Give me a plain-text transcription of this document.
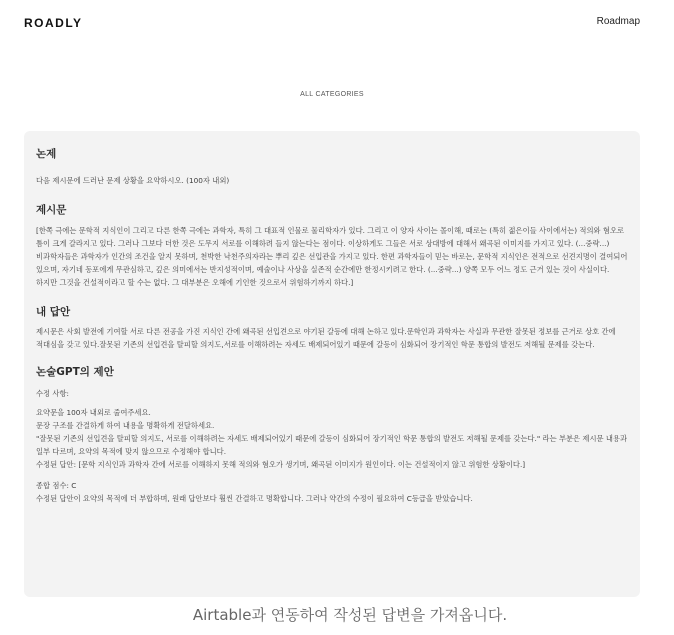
ROADLY	Roadmap
ALL CATEGORIES
논제
다음 제시문에 드러난 문제 상황을 요약하시오. (100자 내외)
제시문
[한쪽 극에는 문학적 지식인이 그리고 다른 한쪽 극에는 과학자, 특히 그 대표적 인물로 물리학자가 있다. 그리고 이 양자 사이는 몰이해, 때로는 (특히 젊은이들 사이에서는) 적의와 혐오로 틈이 크게 갈라지고 있다. 그러나 그보다 더한 것은 도무지 서로를 이해하려 들지 않는다는 점이다. 이상하게도 그들은 서로 상대방에 대해서 왜곡된 이미지를 가지고 있다. (...중략...) 비과학자들은 과학자가 인간의 조건을 알지 못하며, 천박한 낙천주의자라는 뿌리 깊은 선입관을 가지고 있다. 한편 과학자들이 믿는 바로는, 문학적 지식인은 전적으로 선견지명이 결여되어 있으며, 자기네 동포에게 무관심하고, 깊은 의미에서는 반지성적이며, 예술이나 사상을 실존적 순간에만 한정시키려고 한다. (...중략...) 양쪽 모두 어느 정도 근거 있는 것이 사실이다. 하지만 그것을 건설적이라고 할 수는 없다. 그 대부분은 오해에 기인한 것으로서 위험하기까지 하다.]
내 답안
제시문은 사회 발전에 기여할 서로 다른 전공을 가진 지식인 간에 왜곡된 선입견으로 야기된 갈등에 대해 논하고 있다.문학인과 과학자는 사실과 무관한 잘못된 정보를 근거로 상호 간에 적대심을 갖고 있다.잘못된 기존의 선입견을 탈피할 의지도,서로를 이해하려는 자세도 배제되어있기 때문에 갈등이 심화되어 장기적인 학문 통합의 발전도 저해될 문제를 갖는다.
논술GPT의 제안
수정 사항:
요약문을 100자 내외로 줄여주세요.
문장 구조를 간결하게 하여 내용을 명확하게 전달하세요.
"잘못된 기존의 선입견을 탈피할 의지도, 서로를 이해하려는 자세도 배제되어있기 때문에 갈등이 심화되어 장기적인 학문 통합의 발전도 저해될 문제를 갖는다." 라는 부분은 제시문 내용과 일부 다르며, 요약의 목적에 맞지 않으므로 수정해야 합니다.
수정된 답안: [문학 지식인과 과학자 간에 서로를 이해하지 못해 적의와 혐오가 생기며, 왜곡된 이미지가 원인이다. 이는 건설적이지 않고 위험한 상황이다.]
종합 점수: C
수정된 답안이 요약의 목적에 더 부합하며, 원래 답안보다 훨씬 간결하고 명확합니다. 그러나 약간의 수정이 필요하여 C등급을 받았습니다.
Airtable과 연동하여 작성된 답변을 가져옵니다.
